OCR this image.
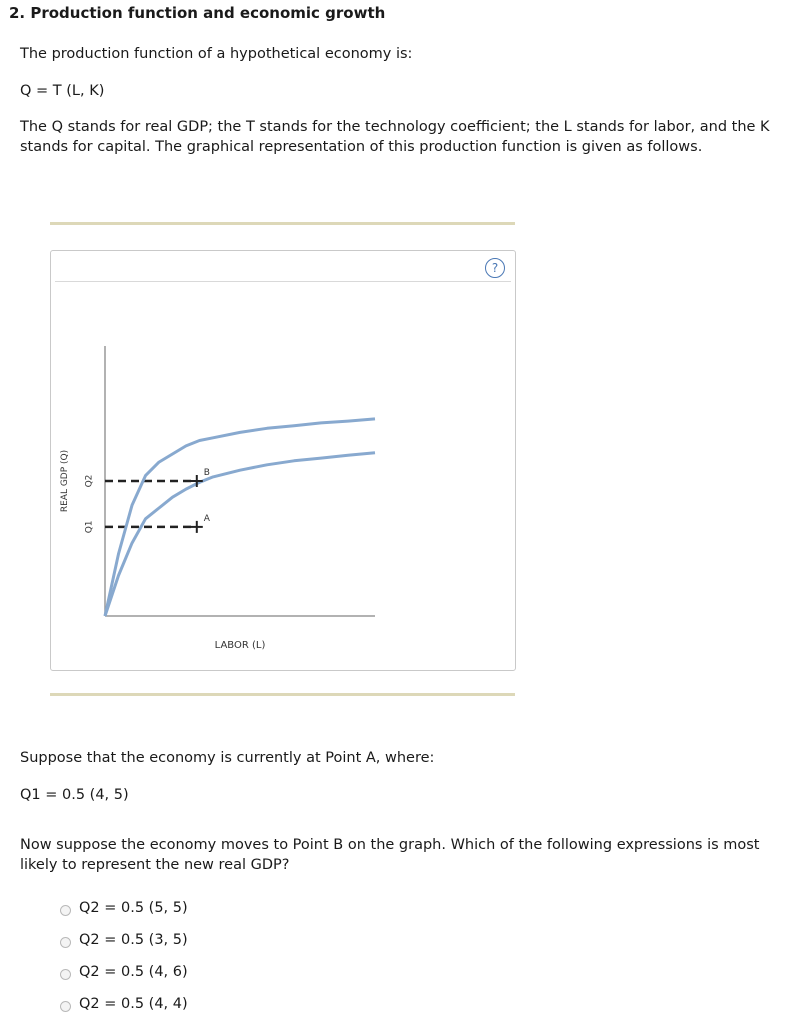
2. Production function and economic growth
The production function of a hypothetical economy is:
Q = T (L, K)
The Q stands for real GDP; the T stands for the technology coefficient; the L stands for labor, and the K stands for capital. The graphical representation of this production function is given as follows.
?
B
A
Q2
Q1
LABOR (L)
REAL GDP (Q)
Suppose that the economy is currently at Point A, where:
Q1 = 0.5 (4, 5)
Now suppose the economy moves to Point B on the graph. Which of the following expressions is most likely to represent the new real GDP?
Q2 = 0.5 (5, 5)
Q2 = 0.5 (3, 5)
Q2 = 0.5 (4, 6)
Q2 = 0.5 (4, 4)
